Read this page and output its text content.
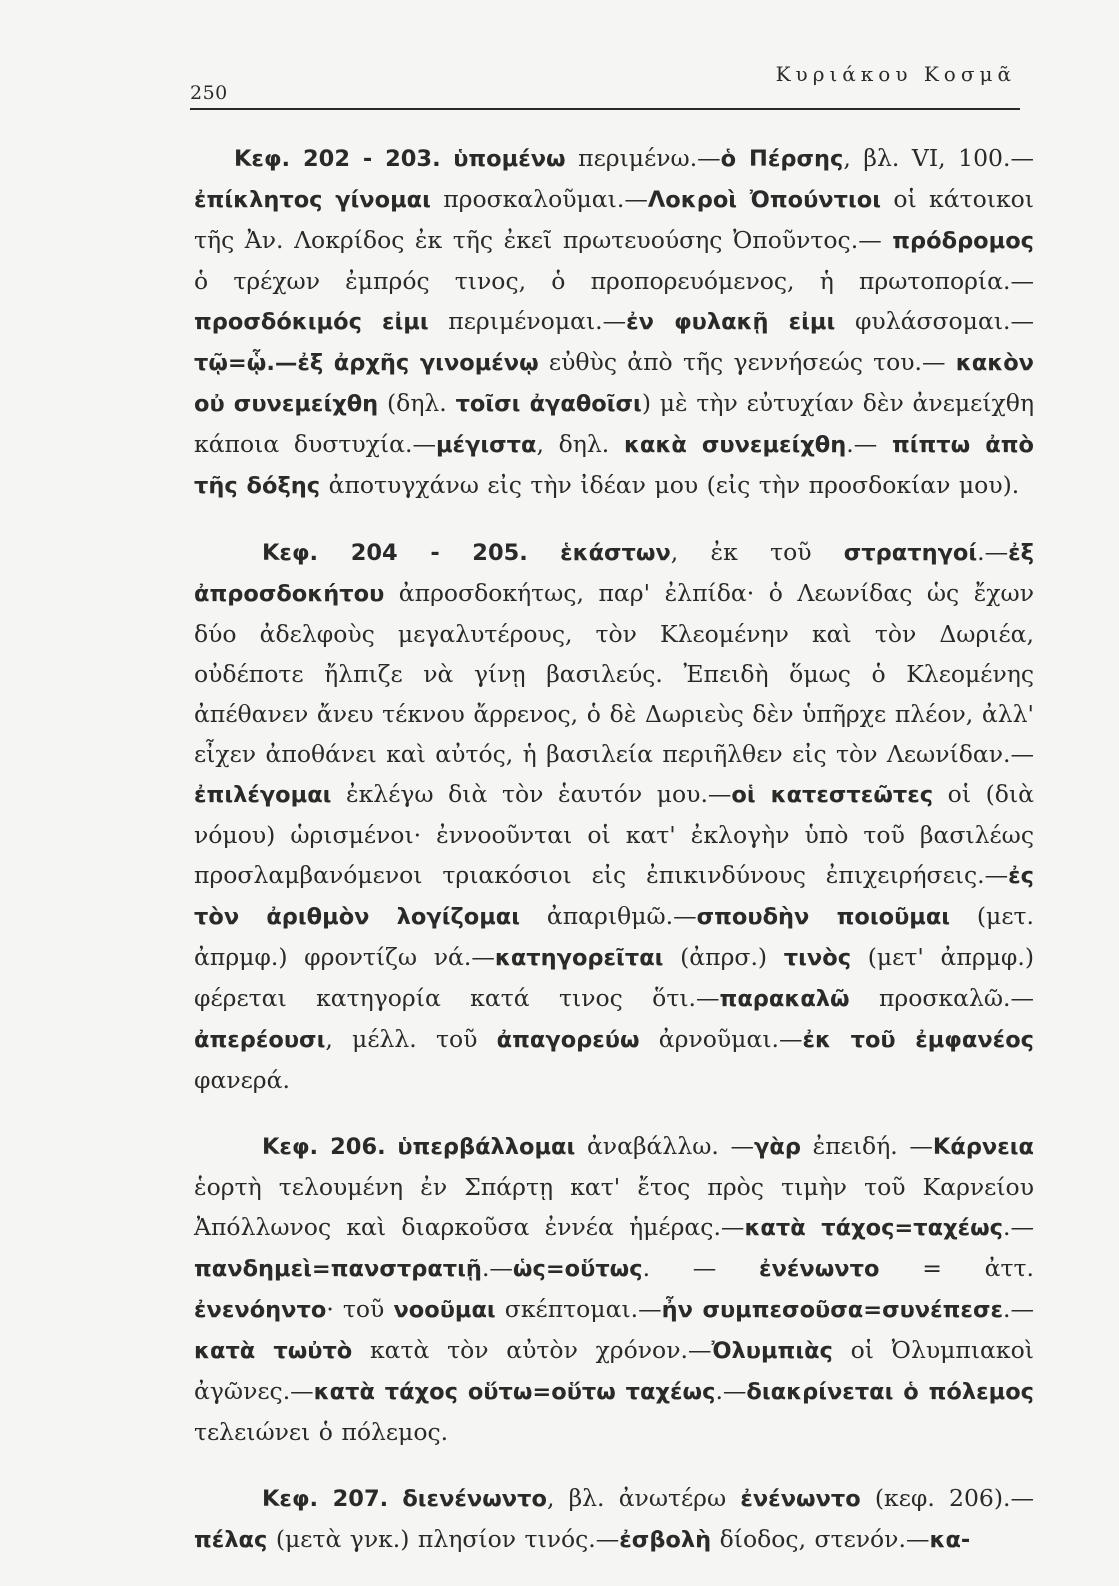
250
Κυριάκου Κοσμᾶ

Κεφ. 202 - 203. ὑπομένω περιμένω.—ὁ Πέρσης, βλ. VI, 100.—ἐπίκλητος γίνομαι προσκαλοῦμαι.—Λοκροὶ Ὀπούντιοι οἱ κάτοικοι τῆς Ἀν. Λοκρίδος ἐκ τῆς ἐκεῖ πρωτευούσης Ὀποῦντος.— πρόδρομος ὁ τρέχων ἐμπρός τινος, ὁ προπορευόμενος, ἡ πρωτοπορία.— προσδόκιμός εἰμι περιμένομαι.—ἐν φυλακῇ εἰμι φυλάσσομαι.—τῷ=ᾧ.—ἐξ ἀρχῆς γινομένῳ εὐθὺς ἀπὸ τῆς γεννήσεώς του.— κακὸν οὐ συνεμείχθη (δηλ. τοῖσι ἀγαθοῖσι) μὲ τὴν εὐτυχίαν δὲν ἀνεμείχθη κάποια δυστυχία.—μέγιστα, δηλ. κακὰ συνεμείχθη.— πίπτω ἀπὸ τῆς δόξης ἀποτυγχάνω εἰς τὴν ἰδέαν μου (εἰς τὴν προσδοκίαν μου).

Κεφ. 204 - 205. ἑκάστων, ἐκ τοῦ στρατηγοί.—ἐξ ἀπροσδοκήτου ἀπροσδοκήτως, παρ' ἐλπίδα· ὁ Λεωνίδας ὡς ἔχων δύο ἀδελφοὺς μεγαλυτέρους, τὸν Κλεομένην καὶ τὸν Δωριέα, οὐδέποτε ἤλπιζε νὰ γίνῃ βασιλεύς. Ἐπειδὴ ὅμως ὁ Κλεομένης ἀπέθανεν ἄνευ τέκνου ἄρρενος, ὁ δὲ Δωριεὺς δὲν ὑπῆρχε πλέον, ἀλλ' εἶχεν ἀποθάνει καὶ αὐτός, ἡ βασιλεία περιῆλθεν εἰς τὸν Λεωνίδαν.—ἐπιλέγομαι ἐκλέγω διὰ τὸν ἑαυτόν μου.—οἱ κατεστεῶτες οἱ (διὰ νόμου) ὡρισμένοι· ἐννοοῦνται οἱ κατ' ἐκλογὴν ὑπὸ τοῦ βασιλέως προσλαμβανόμενοι τριακόσιοι εἰς ἐπικινδύνους ἐπιχειρήσεις.—ἐς τὸν ἀριθμὸν λογίζομαι ἀπαριθμῶ.—σπουδὴν ποιοῦμαι (μετ. ἀπρμφ.) φροντίζω νά.—κατηγορεῖται (ἀπρσ.) τινὸς (μετ' ἀπρμφ.) φέρεται κατηγορία κατά τινος ὅτι.—παρακαλῶ προσκαλῶ.—ἀπερέουσι, μέλλ. τοῦ ἀπαγορεύω ἀρνοῦμαι.—ἐκ τοῦ ἐμφανέος φανερά.

Κεφ. 206. ὑπερβάλλομαι ἀναβάλλω. —γὰρ ἐπειδή. —Κάρνεια ἑορτὴ τελουμένη ἐν Σπάρτῃ κατ' ἔτος πρὸς τιμὴν τοῦ Καρνείου Ἀπόλλωνος καὶ διαρκοῦσα ἐννέα ἡμέρας.—κατὰ τάχος=ταχέως.— πανδημεὶ=πανστρατιῇ.—ὡς=οὕτως. — ἐνένωντο = ἀττ. ἐνενόηντο· τοῦ νοοῦμαι σκέπτομαι.—ἦν συμπεσοῦσα=συνέπεσε.— κατὰ τωὐτὸ κατὰ τὸν αὐτὸν χρόνον.—Ὀλυμπιὰς οἱ Ὀλυμπιακοὶ ἀγῶνες.—κατὰ τάχος οὕτω=οὕτω ταχέως.—διακρίνεται ὁ πόλεμος τελειώνει ὁ πόλεμος.

Κεφ. 207. διενένωντο, βλ. ἀνωτέρω ἐνένωντο (κεφ. 206).— πέλας (μετὰ γνκ.) πλησίον τινός.—ἐσβολὴ δίοδος, στενόν.—κα-
